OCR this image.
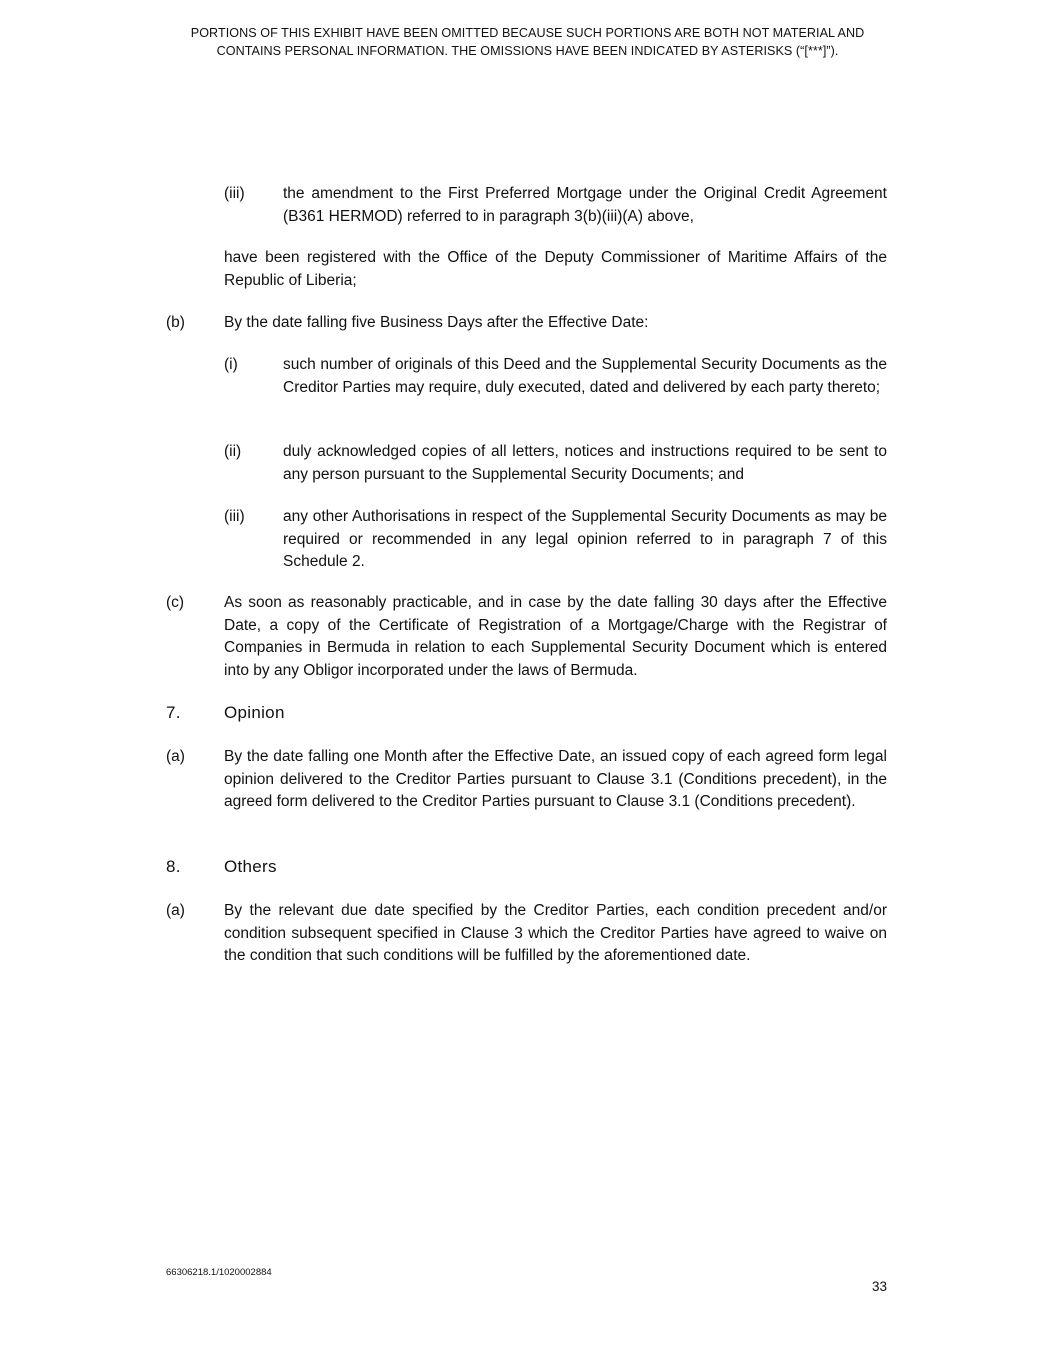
PORTIONS OF THIS EXHIBIT HAVE BEEN OMITTED BECAUSE SUCH PORTIONS ARE BOTH NOT MATERIAL AND
CONTAINS PERSONAL INFORMATION. THE OMISSIONS HAVE BEEN INDICATED BY ASTERISKS (“[***]”).
(iii) the amendment to the First Preferred Mortgage under the Original Credit Agreement (B361 HERMOD) referred to in paragraph 3(b)(iii)(A) above,
have been registered with the Office of the Deputy Commissioner of Maritime Affairs of the Republic of Liberia;
(b)	By the date falling five Business Days after the Effective Date:
(i)	such number of originals of this Deed and the Supplemental Security Documents as the Creditor Parties may require, duly executed, dated and delivered by each party thereto;
(ii)	duly acknowledged copies of all letters, notices and instructions required to be sent to any person pursuant to the Supplemental Security Documents; and
(iii) any other Authorisations in respect of the Supplemental Security Documents as may be required or recommended in any legal opinion referred to in paragraph 7 of this Schedule 2.
(c)	As soon as reasonably practicable, and in case by the date falling 30 days after the Effective Date, a copy of the Certificate of Registration of a Mortgage/Charge with the Registrar of Companies in Bermuda in relation to each Supplemental Security Document which is entered into by any Obligor incorporated under the laws of Bermuda.
7.	Opinion
(a)	By the date falling one Month after the Effective Date, an issued copy of each agreed form legal opinion delivered to the Creditor Parties pursuant to Clause 3.1 (Conditions precedent), in the agreed form delivered to the Creditor Parties pursuant to Clause 3.1 (Conditions precedent).
8.	Others
(a)	By the relevant due date specified by the Creditor Parties, each condition precedent and/or condition subsequent specified in Clause 3 which the Creditor Parties have agreed to waive on the condition that such conditions will be fulfilled by the aforementioned date.
66306218.1/1020002884
33
